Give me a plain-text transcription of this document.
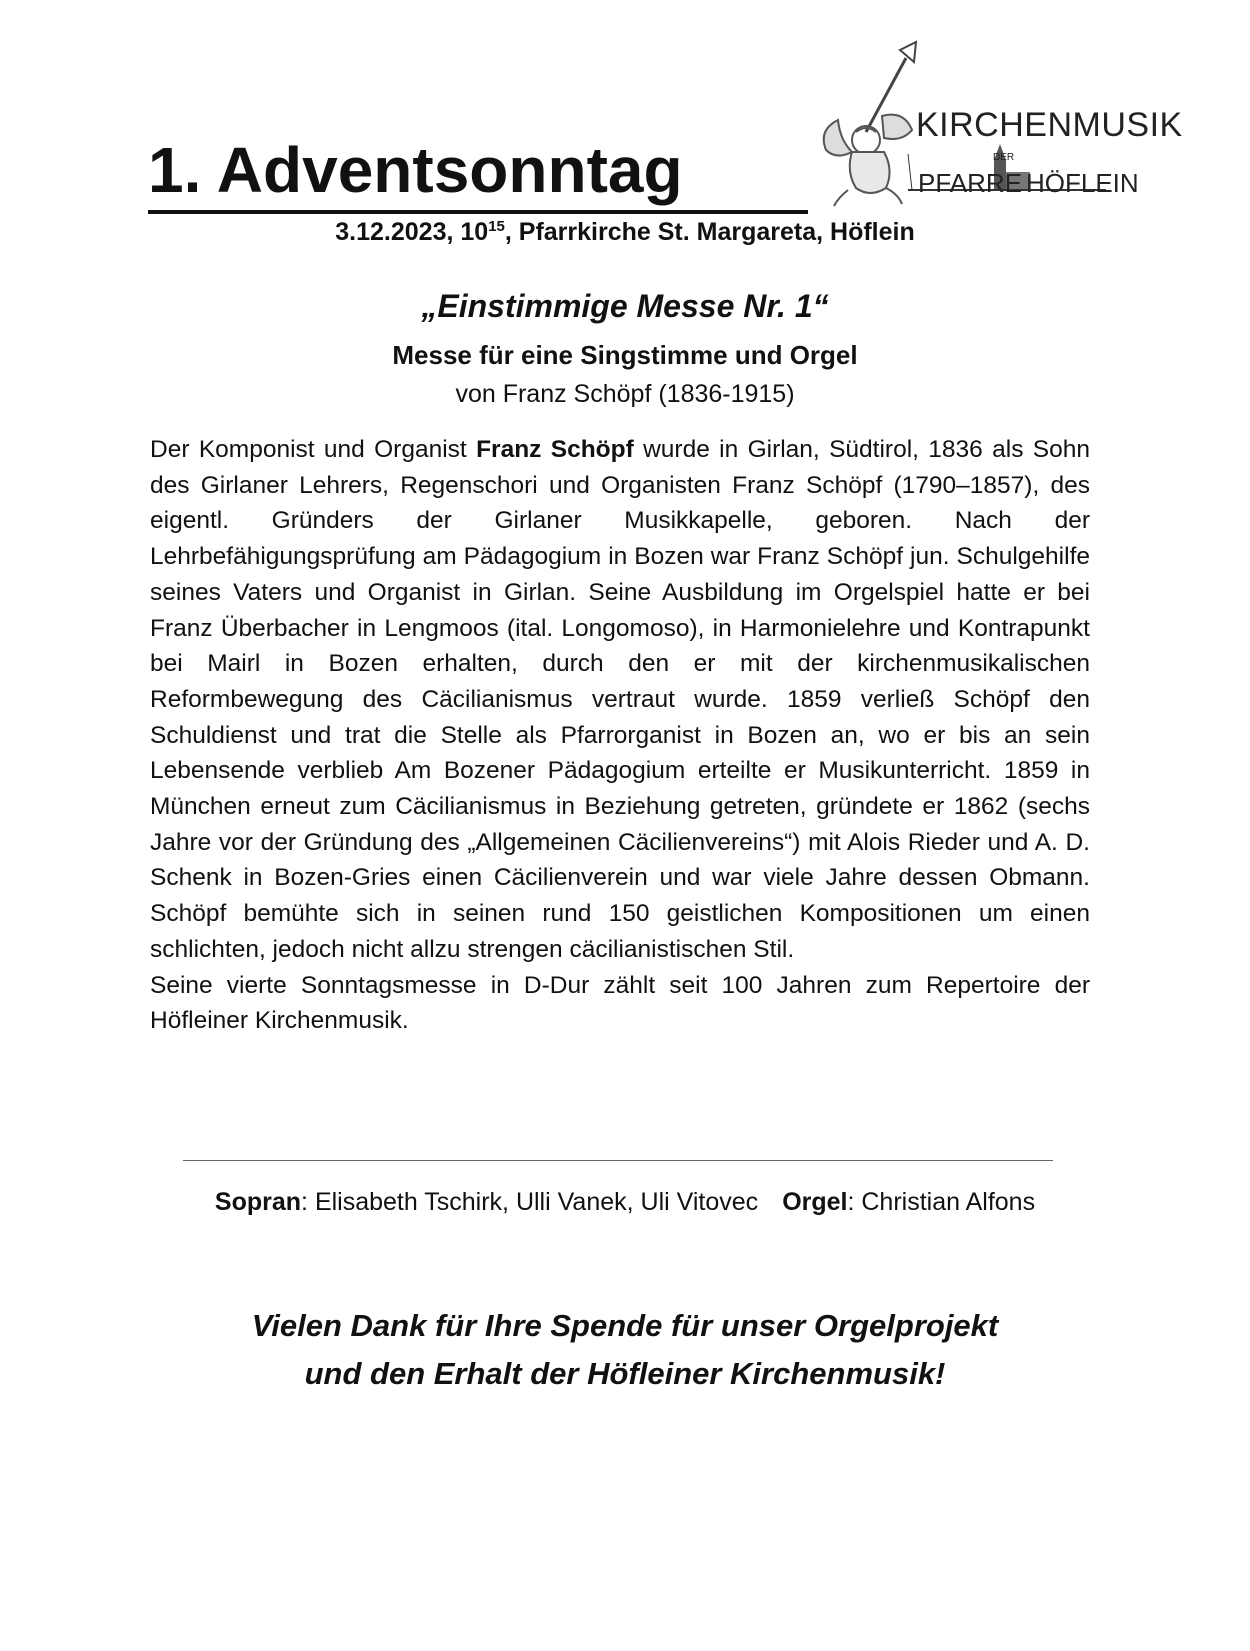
1. Adventsonntag
KIRCHENMUSIK
DER
PFARRE HÖFLEIN
3.12.2023, $10^{15}$, Pfarrkirche St. Margareta, Höflein
„Einstimmige Messe Nr. 1“
Messe für eine Singstimme und Orgel
von Franz Schöpf (1836-1915)

Der Komponist und Organist Franz Schöpf wurde in Girlan, Südtirol, 1836 als Sohn des Girlaner Lehrers, Regenschori und Organisten Franz Schöpf (1790–1857), des eigentl. Gründers der Girlaner Musikkapelle, geboren. Nach der Lehrbefähigungsprüfung am Pädagogium in Bozen war Franz Schöpf jun. Schulgehilfe seines Vaters und Organist in Girlan. Seine Ausbildung im Orgelspiel hatte er bei Franz Überbacher in Lengmoos (ital. Longomoso), in Harmonielehre und Kontrapunkt bei Mairl in Bozen erhalten, durch den er mit der kirchenmusikalischen Reformbewegung des Cäcilianismus vertraut wurde. 1859 verließ Schöpf den Schuldienst und trat die Stelle als Pfarrorganist in Bozen an, wo er bis an sein Lebensende verblieb Am Bozener Pädagogium erteilte er Musikunterricht. 1859 in München erneut zum Cäcilianismus in Beziehung getreten, gründete er 1862 (sechs Jahre vor der Gründung des „Allgemeinen Cäcilienvereins“) mit Alois Rieder und A. D. Schenk in Bozen-Gries einen Cäcilienverein und war viele Jahre dessen Obmann. Schöpf bemühte sich in seinen rund 150 geistlichen Kompositionen um einen schlichten, jedoch nicht allzu strengen cäcilianistischen Stil.

Seine vierte Sonntagsmesse in D-Dur zählt seit 100 Jahren zum Repertoire der Höfleiner Kirchenmusik.

Sopran: Elisabeth Tschirk, Ulli Vanek, Uli Vitovec Orgel: Christian Alfons
Vielen Dank für Ihre Spende für unser Orgelprojekt
und den Erhalt der Höfleiner Kirchenmusik!
